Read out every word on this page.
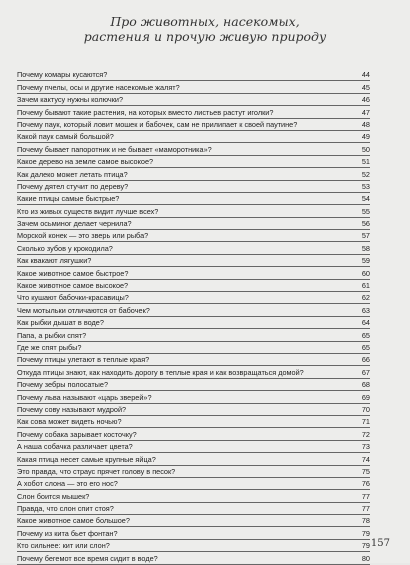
Про животных, насекомых,
растения и прочую живую природу
Почему комары кусаются?	44
Почему пчелы, осы и другие насекомые жалят?	45
Зачем кактусу нужны колючки?	46
Почему бывают такие растения, на которых вместо листьев растут иголки?	47
Почему паук, который ловит мошек и бабочек, сам не прилипает к своей паутине?	48
Какой паук самый большой?	49
Почему бывает папоротник и не бывает «мамоpотника»?	50
Какое дерево на земле самое высокое?	51
Как далеко может летать птица?	52
Почему дятел стучит по дереву?	53
Какие птицы самые быстрые?	54
Кто из живых существ видит лучше всех?	55
Зачем осьминог делает чернила?	56
Морской конек — это зверь или рыба?	57
Сколько зубов у крокодила?	58
Как квакают лягушки?	59
Какое животное самое быстрое?	60
Какое животное самое высокое?	61
Что кушают бабочки-красавицы?	62
Чем мотыльки отличаются от бабочек?	63
Как рыбки дышат в воде?	64
Папа, а рыбки спят?	65
Где же спят рыбы?	65
Почему птицы улетают в теплые края?	66
Откуда птицы знают, как находить дорогу в теплые края и как возвращаться домой?	67
Почему зебры полосатые?	68
Почему льва называют «царь зверей»?	69
Почему сову называют мудрой?	70
Как сова может видеть ночью?	71
Почему собака зарывает косточку?	72
А наша собачка различает цвета?	73
Какая птица несет самые крупные яйца?	74
Это правда, что страус прячет голову в песок?	75
А хобот слона — это его нос?	76
Слон боится мышек?	77
Правда, что слон спит стоя?	77
Какое животное самое большое?	78
Почему из кита бьет фонтан?	79
Кто сильнее: кит или слон?	79
Почему бегемот все время сидит в воде?	80
157
